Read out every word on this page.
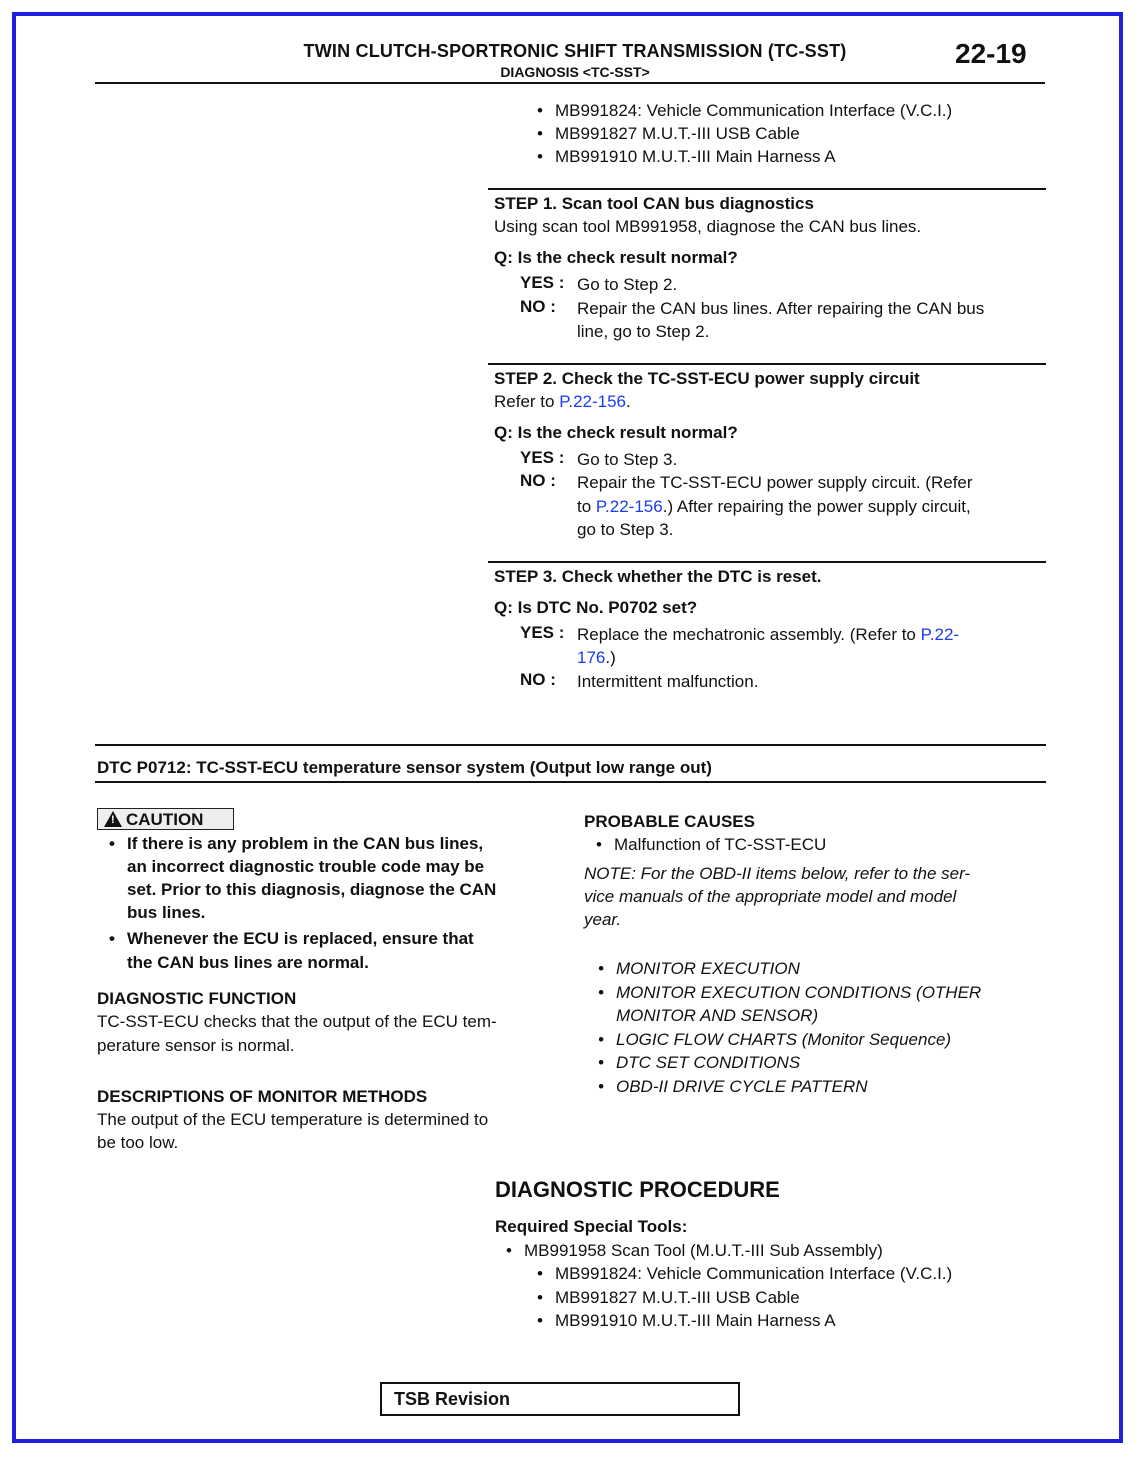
TWIN CLUTCH-SPORTRONIC SHIFT TRANSMISSION (TC-SST)
DIAGNOSIS <TC-SST>
22-19
• MB991824: Vehicle Communication Interface (V.C.I.)
• MB991827 M.U.T.-III USB Cable
• MB991910 M.U.T.-III Main Harness A
STEP 1. Scan tool CAN bus diagnostics
Using scan tool MB991958, diagnose the CAN bus lines.
Q: Is the check result normal?
YES : Go to Step 2.
NO : Repair the CAN bus lines. After repairing the CAN bus
line, go to Step 2.
STEP 2. Check the TC-SST-ECU power supply circuit
Refer to P.22-156.
Q: Is the check result normal?
YES : Go to Step 3.
NO : Repair the TC-SST-ECU power supply circuit. (Refer
to P.22-156.) After repairing the power supply circuit,
go to Step 3.
STEP 3. Check whether the DTC is reset.
Q: Is DTC No. P0702 set?
YES : Replace the mechatronic assembly. (Refer to P.22-
176.)
NO : Intermittent malfunction.
DTC P0712: TC-SST-ECU temperature sensor system (Output low range out)
!CAUTION
• If there is any problem in the CAN bus lines,
an incorrect diagnostic trouble code may be
set. Prior to this diagnosis, diagnose the CAN
bus lines.
• Whenever the ECU is replaced, ensure that
the CAN bus lines are normal.
DIAGNOSTIC FUNCTION
TC-SST-ECU checks that the output of the ECU tem-
perature sensor is normal.
DESCRIPTIONS OF MONITOR METHODS
The output of the ECU temperature is determined to
be too low.
PROBABLE CAUSES
• Malfunction of TC-SST-ECU
NOTE: For the OBD-II items below, refer to the ser-
vice manuals of the appropriate model and model
year.
• MONITOR EXECUTION
• MONITOR EXECUTION CONDITIONS (OTHER
MONITOR AND SENSOR)
• LOGIC FLOW CHARTS (Monitor Sequence)
• DTC SET CONDITIONS
• OBD-II DRIVE CYCLE PATTERN
DIAGNOSTIC PROCEDURE
Required Special Tools:
• MB991958 Scan Tool (M.U.T.-III Sub Assembly)
• MB991824: Vehicle Communication Interface (V.C.I.)
• MB991827 M.U.T.-III USB Cable
• MB991910 M.U.T.-III Main Harness A
TSB Revision
